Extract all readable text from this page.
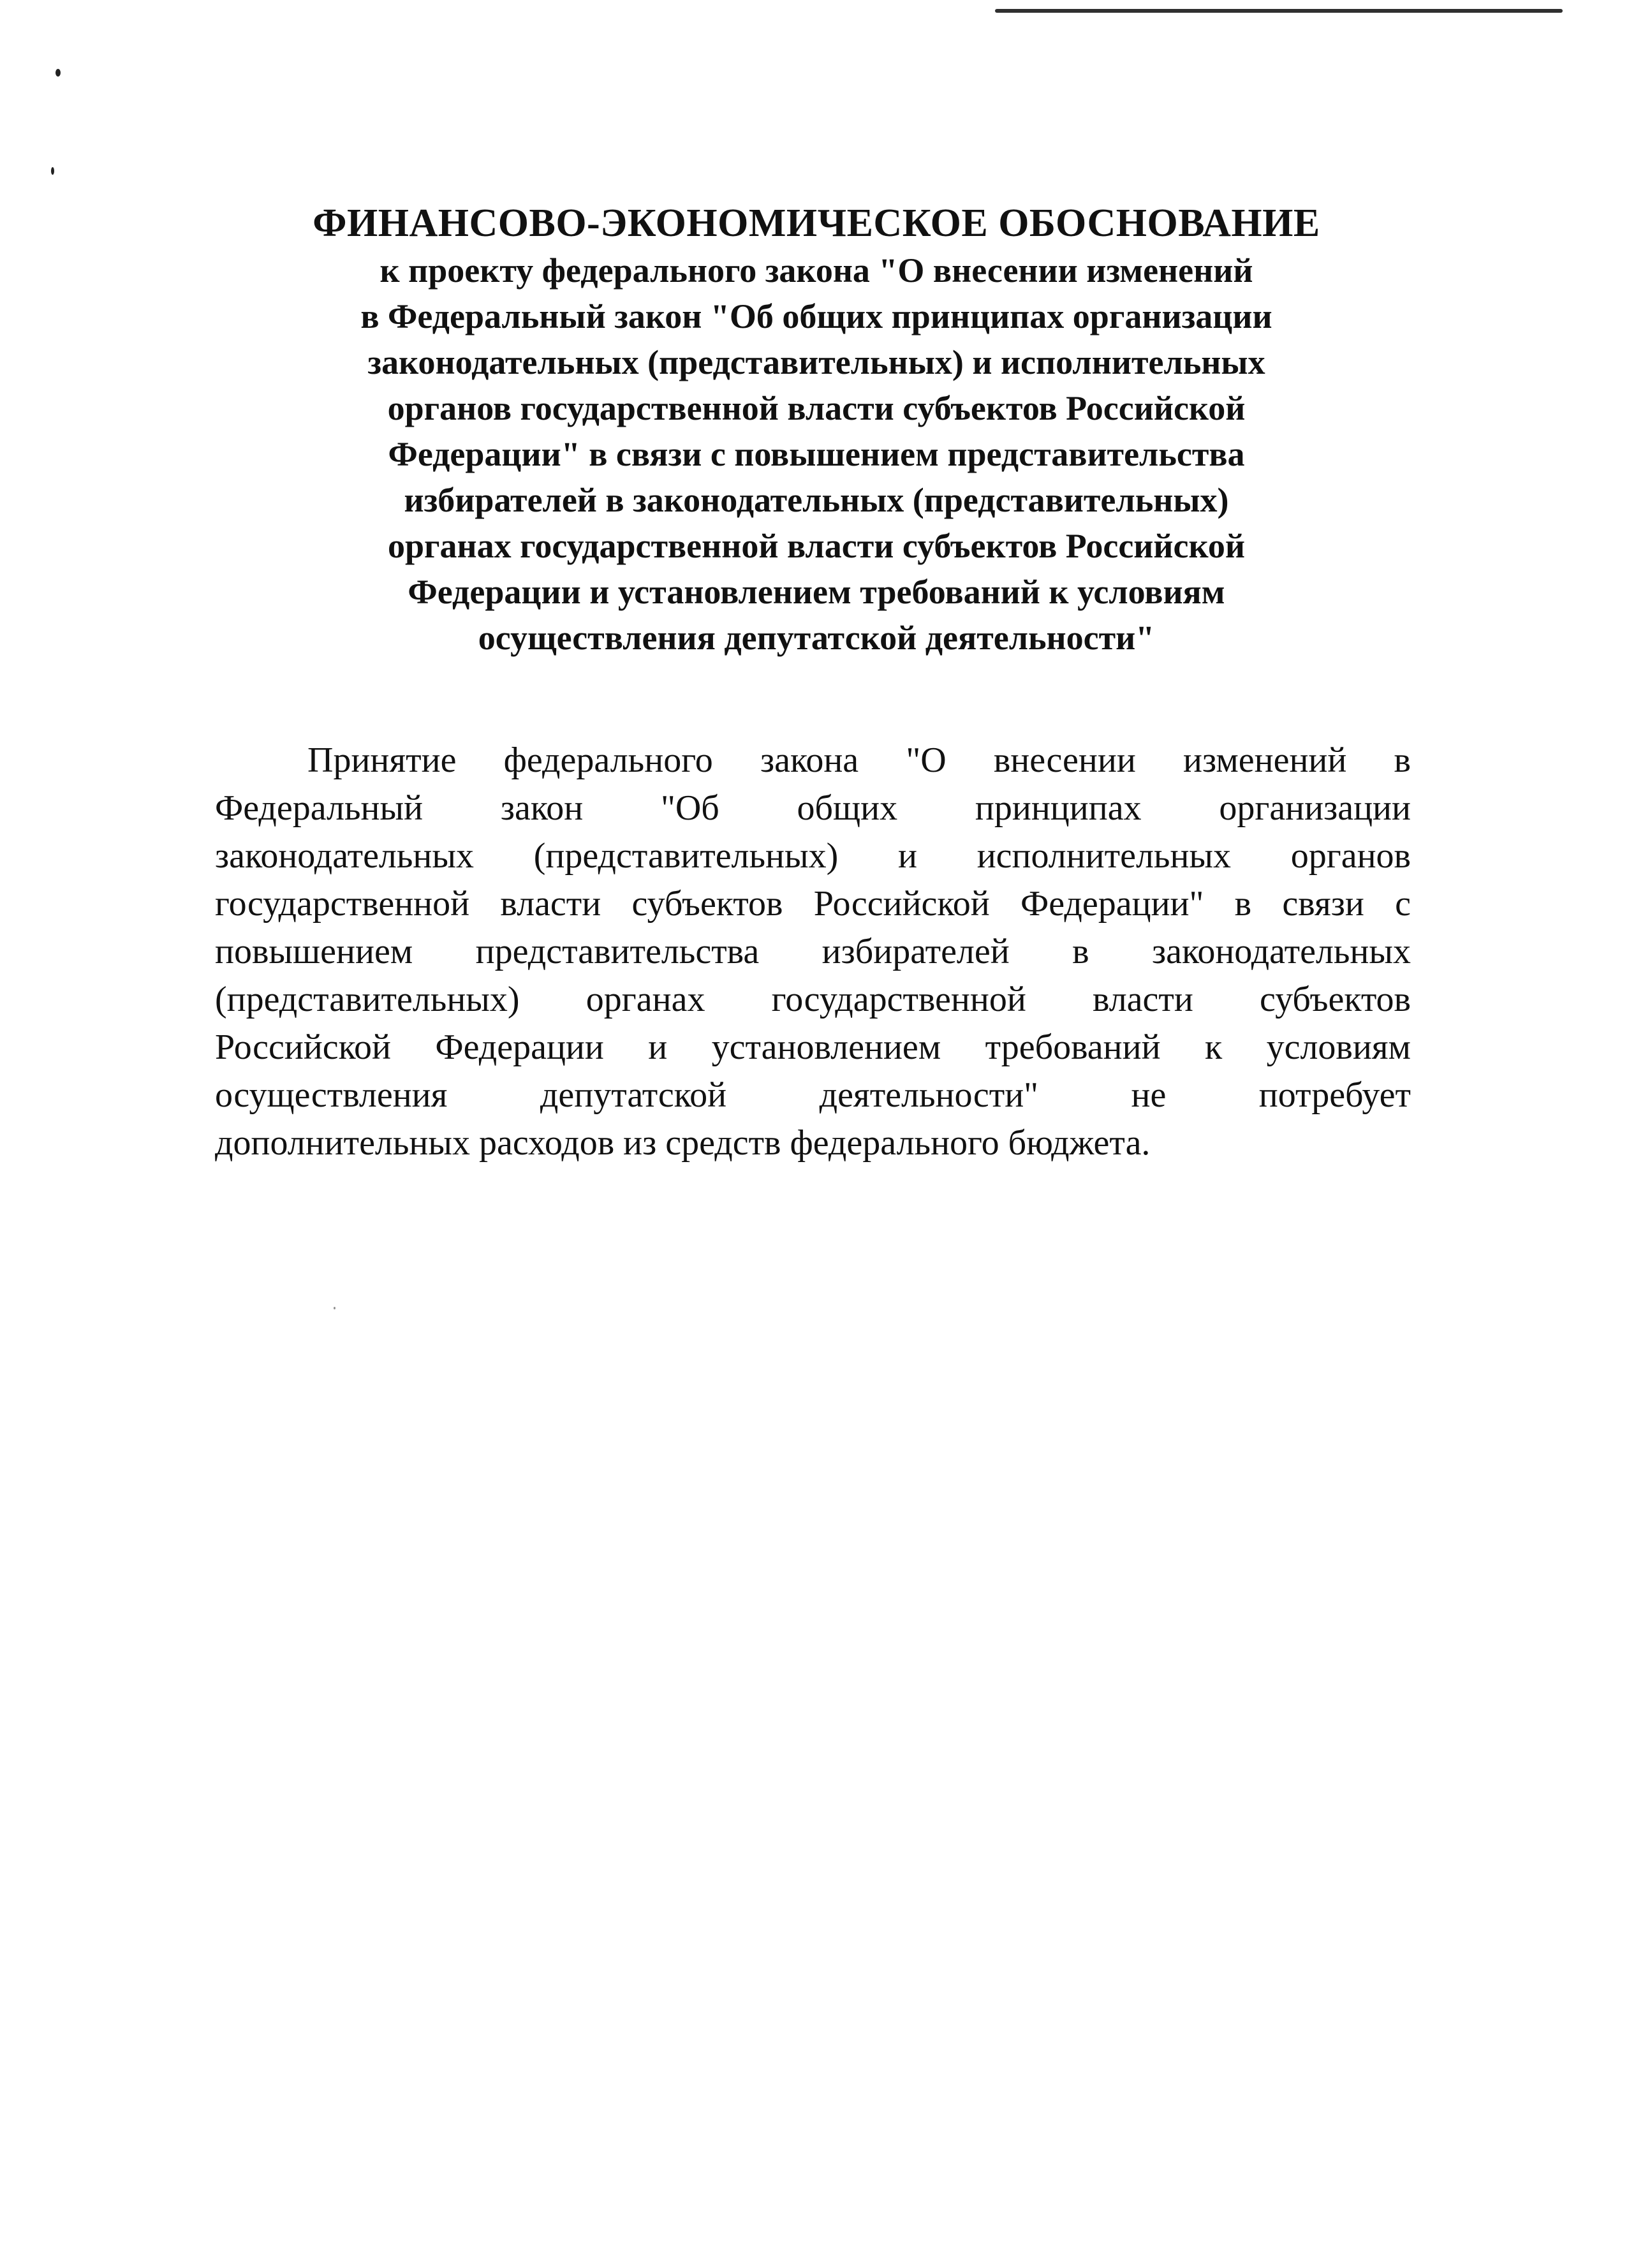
ФИНАНСОВО-ЭКОНОМИЧЕСКОЕ ОБОСНОВАНИЕ
к проекту федерального закона "О внесении изменений
в Федеральный закон "Об общих принципах организации
законодательных (представительных) и исполнительных
органов государственной власти субъектов Российской
Федерации" в связи с повышением представительства
избирателей в законодательных (представительных)
органах государственной власти субъектов Российской
Федерации и установлением требований к условиям
осуществления депутатской деятельности"
Принятие федерального закона "О внесении изменений в
Федеральный закон "Об общих принципах организации
законодательных (представительных) и исполнительных органов
государственной власти субъектов Российской Федерации" в связи с
повышением представительства избирателей в законодательных
(представительных) органах государственной власти субъектов
Российской Федерации и установлением требований к условиям
осуществления депутатской деятельности" не потребует
дополнительных расходов из средств федерального бюджета.
